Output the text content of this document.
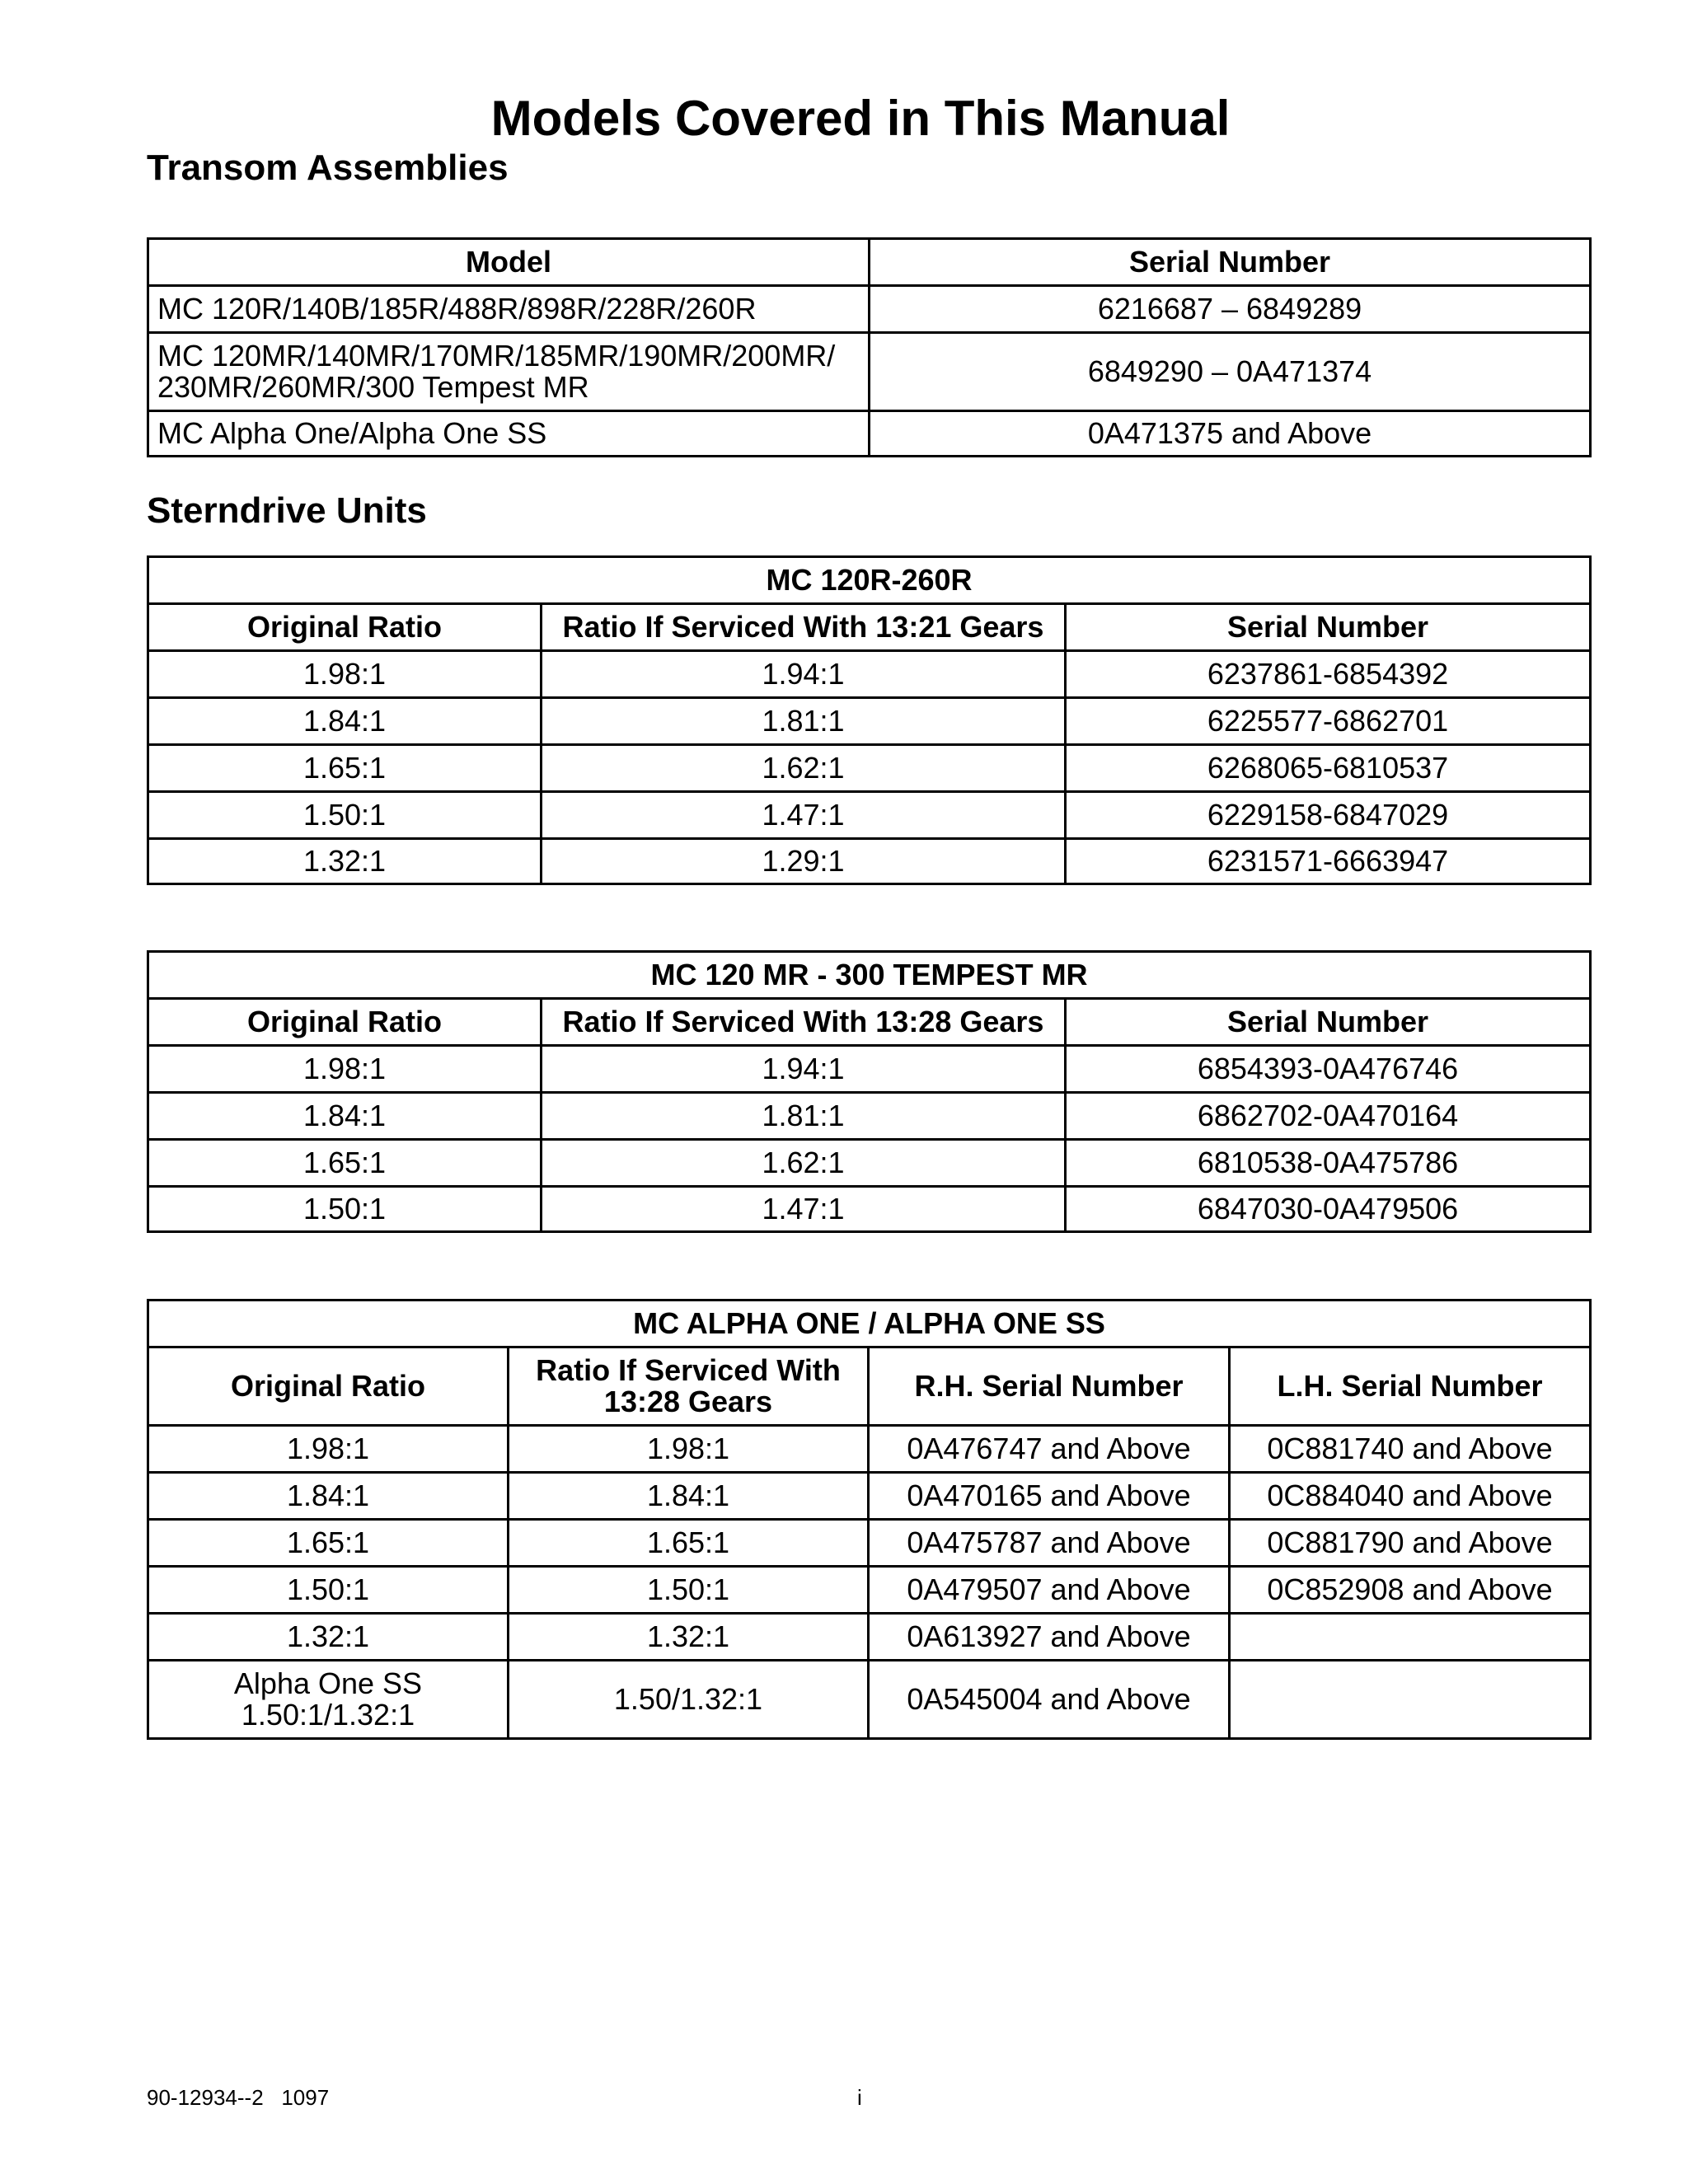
Models Covered in This Manual
Transom Assemblies
Model	Serial Number
MC 120R/140B/185R/488R/898R/228R/260R	6216687 – 6849289
MC 120MR/140MR/170MR/185MR/190MR/200MR/ 230MR/260MR/300 Tempest MR	6849290 – 0A471374
MC Alpha One/Alpha One SS	0A471375 and Above
Sterndrive Units
MC 120R-260R		
Original Ratio	Ratio If Serviced With 13:21 Gears	Serial Number
1.98:1	1.94:1	6237861-6854392
1.84:1	1.81:1	6225577-6862701
1.65:1	1.62:1	6268065-6810537
1.50:1	1.47:1	6229158-6847029
1.32:1	1.29:1	6231571-6663947
MC 120 MR - 300 TEMPEST MR		
Original Ratio	Ratio If Serviced With 13:28 Gears	Serial Number
1.98:1	1.94:1	6854393-0A476746
1.84:1	1.81:1	6862702-0A470164
1.65:1	1.62:1	6810538-0A475786
1.50:1	1.47:1	6847030-0A479506
MC ALPHA ONE / ALPHA ONE SS			
Original Ratio	Ratio If Serviced With 13:28 Gears	R.H. Serial Number	L.H. Serial Number
1.98:1	1.98:1	0A476747 and Above	0C881740 and Above
1.84:1	1.84:1	0A470165 and Above	0C884040 and Above
1.65:1	1.65:1	0A475787 and Above	0C881790 and Above
1.50:1	1.50:1	0A479507 and Above	0C852908 and Above
1.32:1	1.32:1	0A613927 and Above	
Alpha One SS 1.50:1/1.32:1	1.50/1.32:1	0A545004 and Above	
90-12934--2   1097	i
